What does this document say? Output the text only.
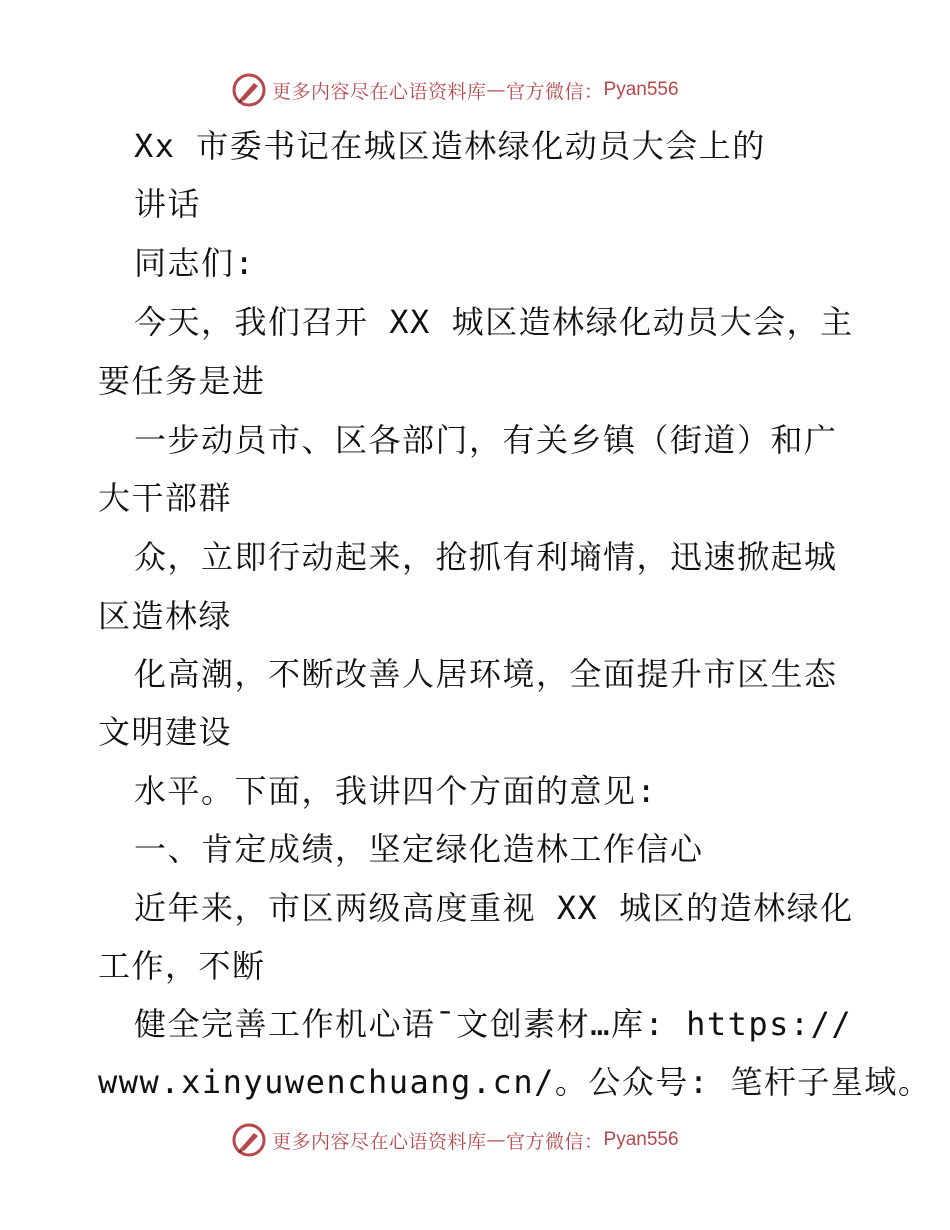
更多内容尽在心语资料库 — 官方微信： Pyan556
Xx 市委书记在城区造林绿化动员大会上的
讲话
同志们:
今天，我们召开 XX 城区造林绿化动员大会，主
要任务是进
一步动员市、区各部门，有关乡镇（街道）和广
大干部群
众，立即行动起来，抢抓有利墒情，迅速掀起城
区造林绿
化高潮，不断改善人居环境，全面提升市区生态
文明建设
水平。下面，我讲四个方面的意见:
一、肯定成绩，坚定绿化造林工作信心
近年来，市区两级高度重视 XX 城区的造林绿化
工作，不断
健全完善工作机心语¯文创素材…库: https://
www.xinyuwenchuang.cn/。公众号: 笔杆子星域。
更多内容尽在心语资料库 — 官方微信： Pyan556
